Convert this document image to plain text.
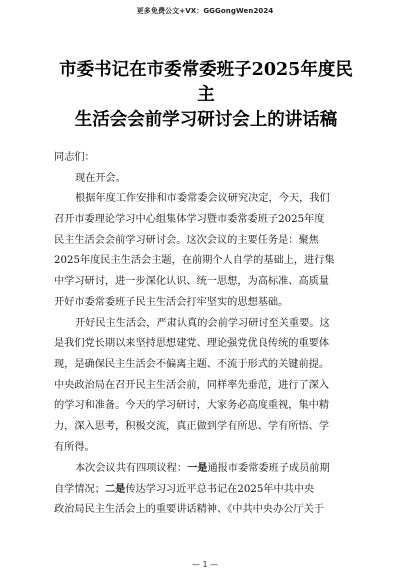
更多免费公文+VX：GGGongWen2024
市委书记在市委常委班子2025年度民主
生活会会前学习研讨会上的讲话稿
同志们：
现在开会。
根据年度工作安排和市委常委会议研究决定，今天，我们
召开市委理论学习中心组集体学习暨市委常委班子2025年度
民主生活会会前学习研讨会。这次会议的主要任务是：聚焦
2025年度民主生活会主题，在前期个人自学的基础上，进行集
中学习研讨，进一步深化认识、统一思想，为高标准、高质量
开好市委常委班子民主生活会打牢坚实的思想基础。
开好民主生活会，严肃认真的会前学习研讨至关重要。这
是我们党长期以来坚持思想建党、理论强党优良传统的重要体
现，是确保民主生活会不偏离主题、不流于形式的关键前提。
中央政治局在召开民主生活会前，同样率先垂范，进行了深入
的学习和准备。今天的学习研讨，大家务必高度重视，集中精
力，深入思考，积极交流，真正做到学有所思、学有所悟、学
有所得。
本次会议共有四项议程：一是通报市委常委班子成员前期
自学情况；二是传达学习习近平总书记在2025年中共中央
政治局民主生活会上的重要讲话精神、《中共中央办公厅关于
— 1 —
